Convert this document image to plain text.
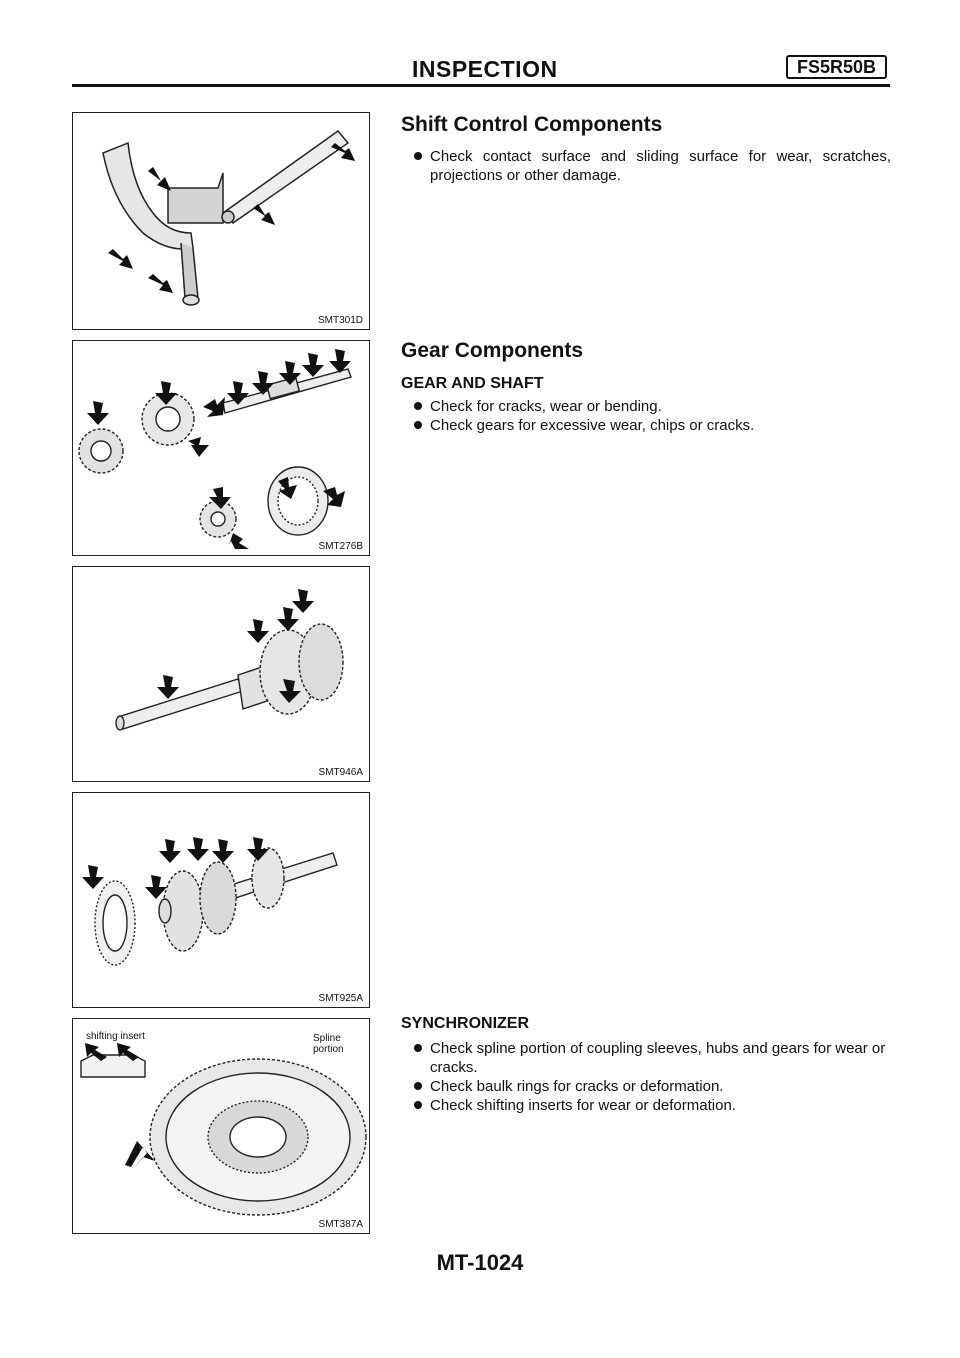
INSPECTION	FS5R50B
SMT301D
SMT276B
SMT946A
SMT925A
shifting insert	Spline
portion
SMT387A
Shift Control Components
Check contact surface and sliding surface for wear, scratches, projections or other damage.
Gear Components
GEAR AND SHAFT
Check for cracks, wear or bending.
Check gears for excessive wear, chips or cracks.
SYNCHRONIZER
Check spline portion of coupling sleeves, hubs and gears for wear or cracks.
Check baulk rings for cracks or deformation.
Check shifting inserts for wear or deformation.
MT-1024
